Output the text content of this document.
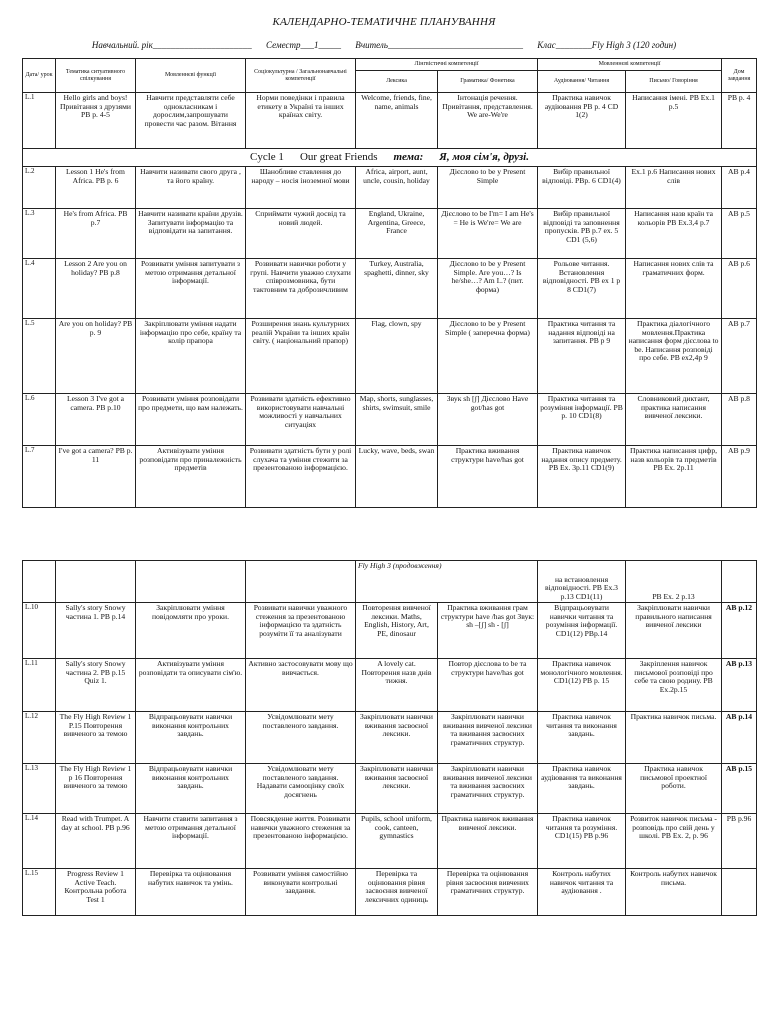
КАЛЕНДАРНО-ТЕМАТИЧНЕ ПЛАНУВАННЯ
Навчальний. рік______________________ Семестр___1_____ Вчитель______________________________ Клас________Fly High 3 (120 годин)
Дата/ урок	Тематика ситуативного спілкування	Мовленнєві функції	Соціокультурна / Загальнонавчальні компетенції	Лінгвістичні компетенції		Мовленнєві компетенції		Дом завдання
				Лексика	Граматика/ Фонетика	Аудіювання/ Читання	Письмо/ Говоріння	
L.1	Hello girls and boys! Привітання з друзями PB p. 4-5	Навчити представляти себе однокласникам і дорослим,запрошувати провести час разом. Вітання	Норми поведінки і правила етикету в Україні та інших країнах світу.	Welcome, friends, fine, name, animals	Інтонація речення. Привітання, представлення. We are-We're	Практика навичок аудіювання PB p. 4 CD 1(2)	Написання імені. PB Ex.1 p.5	PB p. 4
Cycle 1 Our great Friends тема: Я, моя сім'я, друзі.								
L.2	Lesson 1 He's from Africa. PB p. 6	Навчити називати свого друга , та його країну.	Шанобливе ставлення до народу – носія іноземної мови	Africa, airport, aunt, uncle, cousin, holiday	Дієслово to be у Present Simple	Вибір правильної відповіді. PBp. 6 CD1(4)	Ex.1 p.6 Написання нових слів	AB p.4
L.3	He's from Africa. PB p.7	Навчити називати країни друзів. Запитувати інформацію та відповідати на запитання.	Сприймати чужий досвід та новий людей.	England, Ukraine, Argentina, Greece, France	Дієслово to be I'm= I am He's = He is We're= We are	Вибір правильної відповіді та заповнення пропусків. PB p.7 ex. 5 CD1 (5,6)	Написання назв країн та кольорів PB Ex.3,4 p.7	AB p.5
L.4	Lesson 2 Are you on holiday? PB p.8	Розвивати уміння запитувати з метою отримання детальної інформації.	Розвивати навички роботи у групі. Навчити уважно слухати співрозмовника, бути тактовним та доброзичливим	Turkey, Australia, spaghetti, dinner, sky	Дієслово to be у Present Simple. Are you…? Is he/she…? Am I..? (пит. форма)	Рольове читання. Встановлення відповідності. PB ex 1 p 8 CD1(7)	Написання нових слів та граматичних форм.	AB p.6
L.5	Are you on holiday? PB p. 9	Закріплювати уміння надати інформацію про себе, країну та колір прапора	Розширення знань культурних реалій України та інших країн світу. ( національний прапор)	Flag, clown, spy	Дієслово to be у Present Simple ( заперечна форма)	Практика читання та надання відповіді на запитання. PB p 9	Практика діалогічного мовлення.Практика написання форм дієслова to be. Написання розповіді про себе. PB ex2,4p 9	AB p.7
L.6	Lesson 3 I've got a camera. PB p.10	Розвивати уміння розповідати про предмети, що вам належать.	Розвивати здатність ефективно використовувати навчальні можливості у навчальних ситуаціях	Map, shorts, sunglasses, shirts, swimsuit, smile	Звук sh [ʃ] Дієслово Have got/has got	Практика читання та розуміння інформації. PB p. 10 CD1(8)	Словниковий диктант, практика написання вивченої лексики.	AB p.8
L.7	I've got a camera? PB p. 11	Активізувати уміння розповідати про приналежність предметів	Розвивати здатність бути у ролі слухача та уміння стежити за презентованою інформацією.	Lucky, wave, beds, swan	Практика вживання структури have/has got	Практика навичок надання опису предмету. PB Ex. 3p.11 CD1(9)	Практика написання цифр, назв кольорів та предметів PB Ex. 2p.11	AB p.9
				Fly High 3 (продовження)		на встановлення відповідності. PB Ex.3 p.13 CD1(11)	PB Ex. 2 p.13	
L.10	Sally's story Snowy частина 1. PB p.14	Закріплювати уміння повідомляти про уроки.	Розвивати навички уважного стеження за презентованою інформацією та здатність розуміти її та аналізувати	Повторення вивченої лексики. Maths, English, History, Art, PE, dinosaur	Практика вживання грам структури have /has got Звук: sh –[ʃ] sh - [ʃ]	Відпрацьовувати навички читання та розуміння інформації. CD1(12) PBp.14	Закріплювати навички правильного написання вивченої лексики	AB p.12
L.11	Sally's story Snowy частина 2. PB p.15 Quiz 1.	Активізувати уміння розповідати та описувати сім'ю.	Активно застосовувати мову що вивчається.	A lovely cat. Повторення назв днів тижня.	Повтор дієслова to be та структури have/has got	Практика навичок монологічного мовлення. CD1(12) PB p. 15	Закріплення навичок письмової розповіді про себе та свою родину. PB Ex.2p.15	AB p.13
L.12	The Fly High Review 1 P.15 Повторення вивченого за темою	Відпрацьовувати навички виконання контрольних завдань.	Усвідомлювати мету поставленого завдання.	Закріплювати навички вживання засвоєної лексики.	Закріплювати навички вживання вивченої лексики та вживання засвоєних граматичних структур.	Практика навичок читання та виконання завдань.	Практика навичок письма.	AB p.14
L.13	The Fly High Review 1 p 16 Повторення вивченого за темою	Відпрацьовувати навички виконання контрольних завдань.	Усвідомлювати мету поставленого завдання. Надавати самооцінку своїх досягнень	Закріплювати навички вживання засвоєної лексики.	Закріплювати навички вживання вивченої лексики та вживання засвоєних граматичних структур.	Практика навичок аудіювання та виконання завдань.	Практика навичок письмової проектної роботи.	AB p.15
L.14	Read with Trumpet. A day at school. PB p.96	Навчити ставити запитання з метою отримання детальної інформації.	Повсякденне життя. Розвивати навички уважного стеження за презентованою інформацією.	Pupils, school uniform, cook, canteen, gymnastics	Практика навичок вживання вивченої лексики.	Практика навичок читання та розуміння. CD1(15) PB p.96	Розвиток навичок письма - розповідь про свій день у школі. PB Ex. 2, p. 96	PB p.96
L.15	Progress Review 1 Active Teach. Контрольна робота Test 1	Перевірка та оцінювання набутих навичок та умінь.	Розвивати уміння самостійно виконувати контрольні завдання.	Перевірка та оцінювання рівня засвоєння вивченої лексичних одиниць	Перевірка та оцінювання рівня засвоєння вивчених граматичних структур.	Контроль набутих навичок читання та аудіювання .	Контроль набутих навичок письма.	
